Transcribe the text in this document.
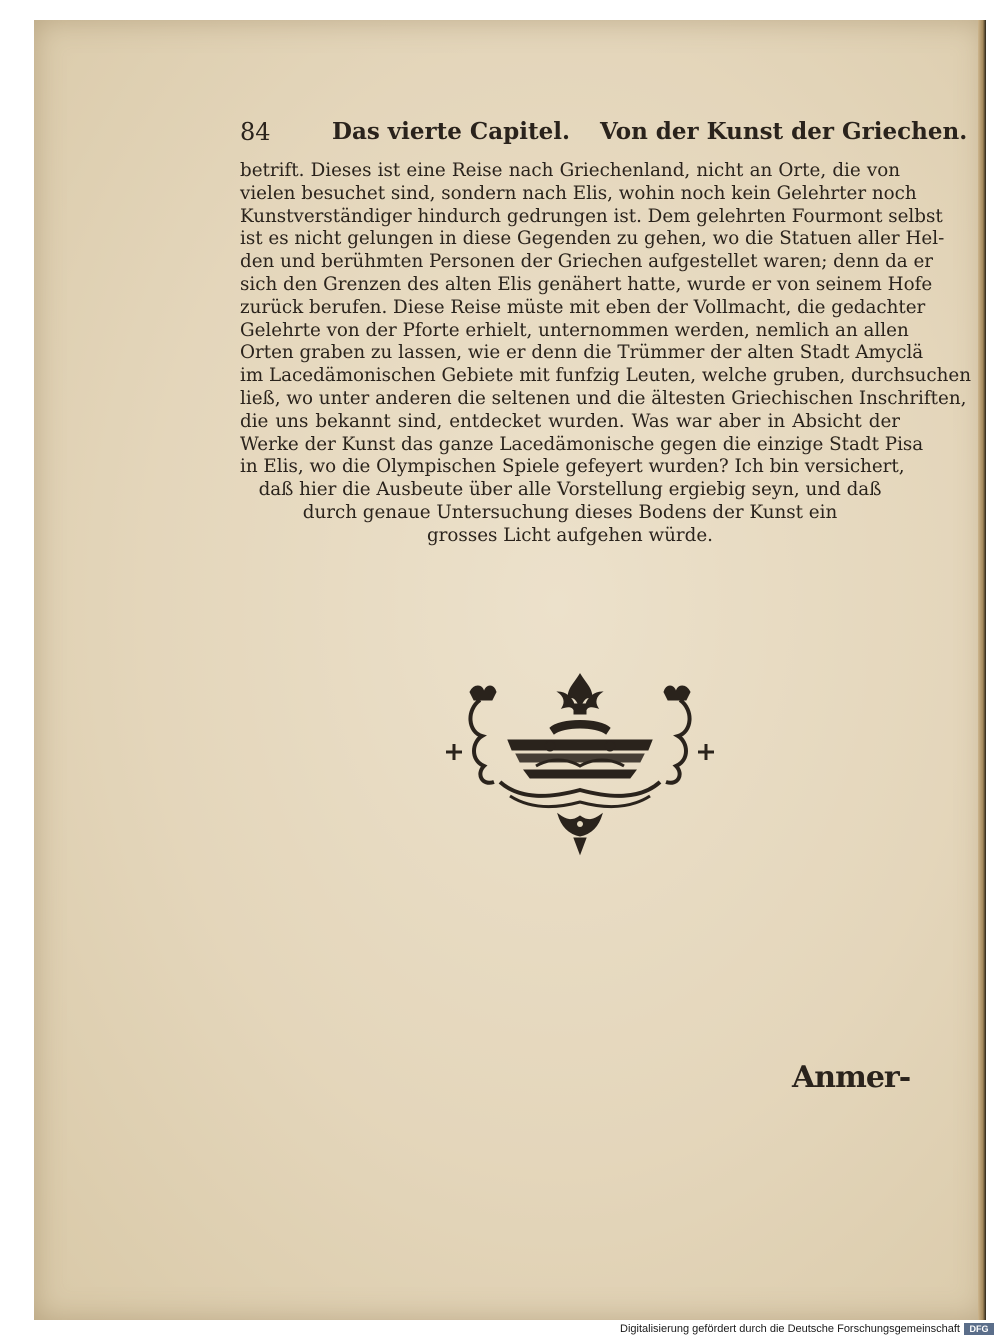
84	Das vierte Capitel. Von der Kunst der Griechen.
betrift. Dieses ist eine Reise nach Griechenland, nicht an Orte, die von
vielen besuchet sind, sondern nach Elis, wohin noch kein Gelehrter noch
Kunstverständiger hindurch gedrungen ist. Dem gelehrten Fourmont selbst
ist es nicht gelungen in diese Gegenden zu gehen, wo die Statuen aller Hel-
den und berühmten Personen der Griechen aufgestellet waren; denn da er
sich den Grenzen des alten Elis genähert hatte, wurde er von seinem Hofe
zurück berufen. Diese Reise müste mit eben der Vollmacht, die gedachter
Gelehrte von der Pforte erhielt, unternommen werden, nemlich an allen
Orten graben zu lassen, wie er denn die Trümmer der alten Stadt Amyclä
im Lacedämonischen Gebiete mit funfzig Leuten, welche gruben, durchsuchen
ließ, wo unter anderen die seltenen und die ältesten Griechischen Inschriften,
die uns bekannt sind, entdecket wurden. Was war aber in Absicht der
Werke der Kunst das ganze Lacedämonische gegen die einzige Stadt Pisa
in Elis, wo die Olympischen Spiele gefeyert wurden? Ich bin versichert,
daß hier die Ausbeute über alle Vorstellung ergiebig seyn, und daß
durch genaue Untersuchung dieses Bodens der Kunst ein
grosses Licht aufgehen würde.
Anmer-
Digitalisierung gefördert durch die Deutsche Forschungsgemeinschaft	DFG
